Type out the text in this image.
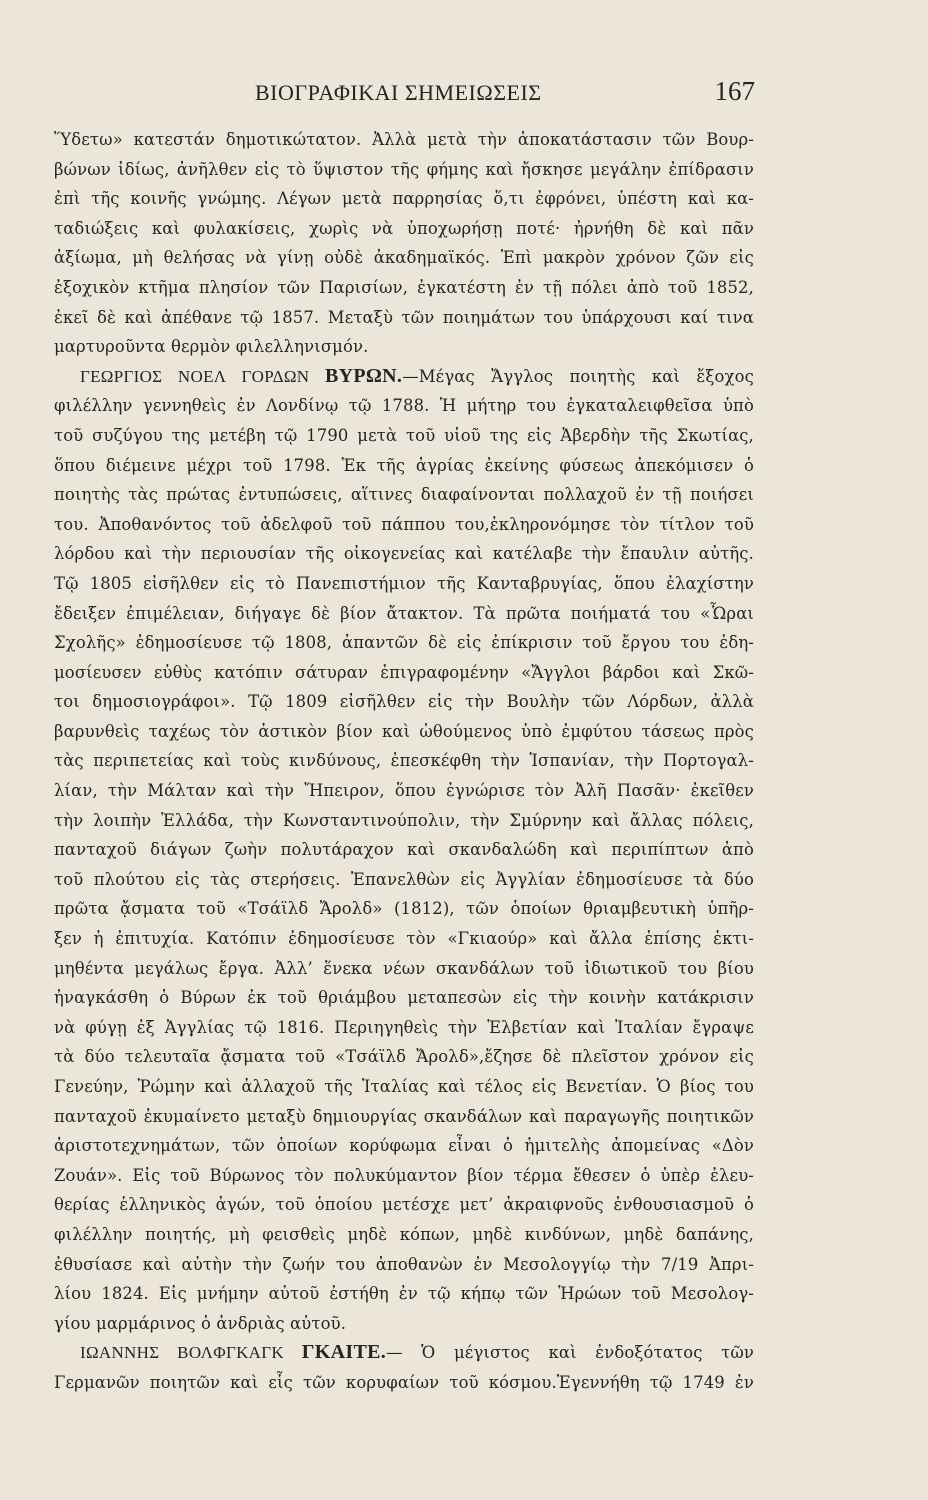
ΒΙΟΓΡΑΦΙΚΑΙ ΣΗΜΕΙΩΣΕΙΣ	167
Ὕδετω» κατεστάν δημοτικώτατον. Ἀλλὰ μετὰ τὴν ἀποκατάστασιν τῶν Βουρ-
βώνων ἰδίως, ἀνῆλθεν εἰς τὸ ὕψιστον τῆς φήμης καὶ ἤσκησε μεγάλην ἐπίδρασιν
ἐπὶ τῆς κοινῆς γνώμης. Λέγων μετὰ παρρησίας ὅ,τι ἐφρόνει, ὑπέστη καὶ κα-
ταδιώξεις καὶ φυλακίσεις, χωρὶς νὰ ὑποχωρήσῃ ποτέ· ἠρνήθη δὲ καὶ πᾶν
ἀξίωμα, μὴ θελήσας νὰ γίνῃ οὐδὲ ἀκαδημαϊκός. Ἐπὶ μακρὸν χρόνον ζῶν εἰς
ἐξοχικὸν κτῆμα πλησίον τῶν Παρισίων, ἐγκατέστη ἐν τῇ πόλει ἀπὸ τοῦ 1852,
ἐκεῖ δὲ καὶ ἀπέθανε τῷ 1857. Μεταξὺ τῶν ποιημάτων του ὑπάρχουσι καί τινα
μαρτυροῦντα θερμὸν φιλελληνισμόν.
ΓΕΩΡΓΙΟΣ ΝΟΕΛ ΓΟΡΔΩΝ ΒΥΡΩΝ.—Μέγας Ἄγγλος ποιητὴς καὶ ἔξοχος
φιλέλλην γεννηθεὶς ἐν Λονδίνῳ τῷ 1788. Ἡ μήτηρ του ἐγκαταλειφθεῖσα ὑπὸ
τοῦ συζύγου της μετέβη τῷ 1790 μετὰ τοῦ υἱοῦ της εἰς Ἀβερδὴν τῆς Σκωτίας,
ὅπου διέμεινε μέχρι τοῦ 1798. Ἐκ τῆς ἀγρίας ἐκείνης φύσεως ἀπεκόμισεν ὁ
ποιητὴς τὰς πρώτας ἐντυπώσεις, αἵτινες διαφαίνονται πολλαχοῦ ἐν τῇ ποιήσει
του. Ἀποθανόντος τοῦ ἀδελφοῦ τοῦ πάππου του,ἐκληρονόμησε τὸν τίτλον τοῦ
λόρδου καὶ τὴν περιουσίαν τῆς οἰκογενείας καὶ κατέλαβε τὴν ἔπαυλιν αὐτῆς.
Τῷ 1805 εἰσῆλθεν εἰς τὸ Πανεπιστήμιον τῆς Κανταβρυγίας, ὅπου ἐλαχίστην
ἔδειξεν ἐπιμέλειαν, διήγαγε δὲ βίον ἄτακτον. Τὰ πρῶτα ποιήματά του «Ὧραι
Σχολῆς» ἐδημοσίευσε τῷ 1808, ἀπαντῶν δὲ εἰς ἐπίκρισιν τοῦ ἔργου του ἐδη-
μοσίευσεν εὐθὺς κατόπιν σάτυραν ἐπιγραφομένην «Ἄγγλοι βάρδοι καὶ Σκῶ-
τοι δημοσιογράφοι». Τῷ 1809 εἰσῆλθεν εἰς τὴν Βουλὴν τῶν Λόρδων, ἀλλὰ
βαρυνθεὶς ταχέως τὸν ἀστικὸν βίον καὶ ὠθούμενος ὑπὸ ἐμφύτου τάσεως πρὸς
τὰς περιπετείας καὶ τοὺς κινδύνους, ἐπεσκέφθη τὴν Ἱσπανίαν, τὴν Πορτογαλ-
λίαν, τὴν Μάλταν καὶ τὴν Ἤπειρον, ὅπου ἐγνώρισε τὸν Ἀλῆ Πασᾶν· ἐκεῖθεν
τὴν λοιπὴν Ἑλλάδα, τὴν Κωνσταντινούπολιν, τὴν Σμύρνην καὶ ἄλλας πόλεις,
πανταχοῦ διάγων ζωὴν πολυτάραχον καὶ σκανδαλώδη καὶ περιπίπτων ἀπὸ
τοῦ πλούτου εἰς τὰς στερήσεις. Ἐπανελθὼν εἰς Ἀγγλίαν ἐδημοσίευσε τὰ δύο
πρῶτα ᾄσματα τοῦ «Τσάϊλδ Ἄρολδ» (1812), τῶν ὁποίων θριαμβευτικὴ ὑπῆρ-
ξεν ἡ ἐπιτυχία. Κατόπιν ἐδημοσίευσε τὸν «Γκιαούρ» καὶ ἄλλα ἐπίσης ἐκτι-
μηθέντα μεγάλως ἔργα. Ἀλλ’ ἕνεκα νέων σκανδάλων τοῦ ἰδιωτικοῦ του βίου
ἠναγκάσθη ὁ Βύρων ἐκ τοῦ θριάμβου μεταπεσὼν εἰς τὴν κοινὴν κατάκρισιν
νὰ φύγῃ ἐξ Ἀγγλίας τῷ 1816. Περιηγηθεὶς τὴν Ἑλβετίαν καὶ Ἰταλίαν ἔγραψε
τὰ δύο τελευταῖα ᾄσματα τοῦ «Τσάϊλδ Ἄρολδ»,ἔζησε δὲ πλεῖστον χρόνον εἰς
Γενεύην, Ῥώμην καὶ ἀλλαχοῦ τῆς Ἰταλίας καὶ τέλος εἰς Βενετίαν. Ὁ βίος του
πανταχοῦ ἐκυμαίνετο μεταξὺ δημιουργίας σκανδάλων καὶ παραγωγῆς ποιητικῶν
ἀριστοτεχνημάτων, τῶν ὁποίων κορύφωμα εἶναι ὁ ἡμιτελὴς ἀπομείνας «Δὸν
Ζουάν». Εἰς τοῦ Βύρωνος τὸν πολυκύμαντον βίον τέρμα ἔθεσεν ὁ ὑπὲρ ἐλευ-
θερίας ἑλληνικὸς ἀγών, τοῦ ὁποίου μετέσχε μετ’ ἀκραιφνοῦς ἐνθουσιασμοῦ ὁ
φιλέλλην ποιητής, μὴ φεισθεὶς μηδὲ κόπων, μηδὲ κινδύνων, μηδὲ δαπάνης,
ἐθυσίασε καὶ αὐτὴν τὴν ζωήν του ἀποθανὼν ἐν Μεσολογγίῳ τὴν 7/19 Ἀπρι-
λίου 1824. Εἰς μνήμην αὐτοῦ ἐστήθη ἐν τῷ κήπῳ τῶν Ἡρώων τοῦ Μεσολογ-
γίου μαρμάρινος ὁ ἀνδριὰς αὐτοῦ.
ΙΩΑΝΝΗΣ ΒΟΛΦΓΚΑΓΚ ΓΚΑΙΤΕ.— Ὁ μέγιστος καὶ ἐνδοξότατος τῶν
Γερμανῶν ποιητῶν καὶ εἷς τῶν κορυφαίων τοῦ κόσμου.Ἐγεννήθη τῷ 1749 ἐν
